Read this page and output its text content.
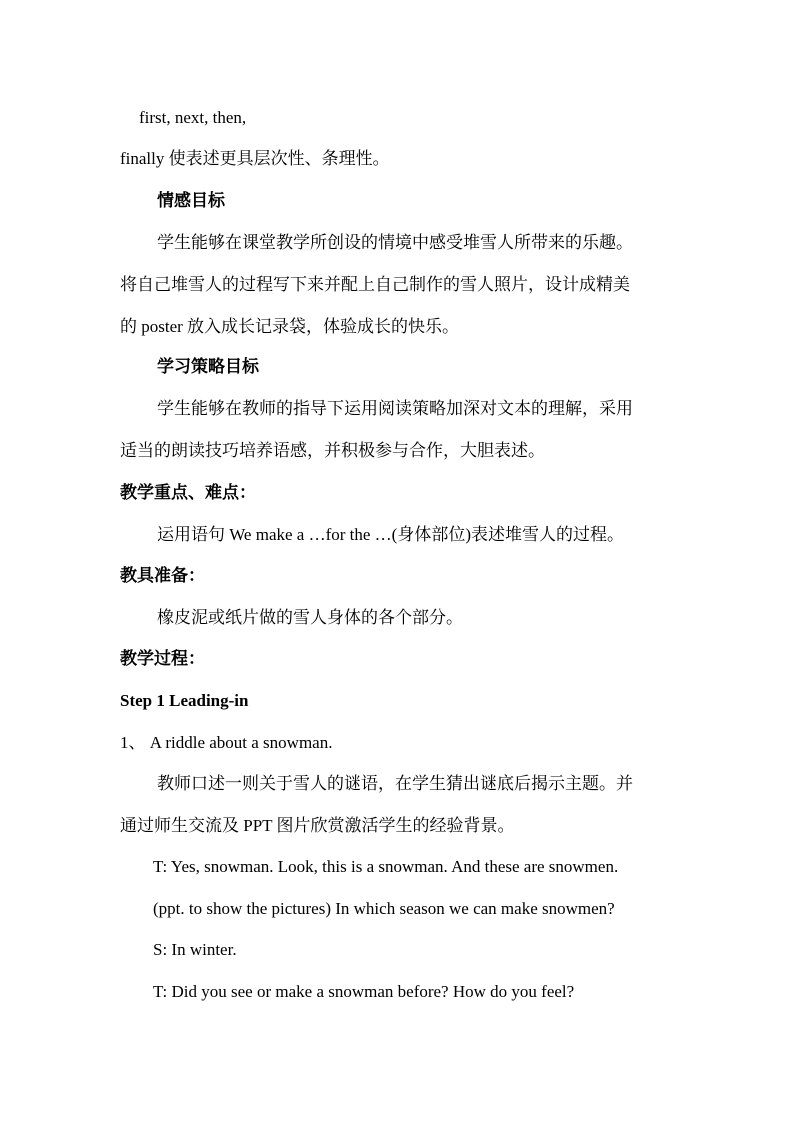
first, next, then,
finally 使表述更具层次性、条理性。
情感目标
学生能够在课堂教学所创设的情境中感受堆雪人所带来的乐趣。
将自己堆雪人的过程写下来并配上自己制作的雪人照片，设计成精美
的 poster 放入成长记录袋，体验成长的快乐。
学习策略目标
学生能够在教师的指导下运用阅读策略加深对文本的理解，采用
适当的朗读技巧培养语感，并积极参与合作，大胆表述。
教学重点、难点：
运用语句 We make a …for the …(身体部位)表述堆雪人的过程。
教具准备：
橡皮泥或纸片做的雪人身体的各个部分。
教学过程：
Step 1 Leading-in
1、 A riddle about a snowman.
教师口述一则关于雪人的谜语，在学生猜出谜底后揭示主题。并
通过师生交流及 PPT 图片欣赏激活学生的经验背景。
T: Yes, snowman. Look, this is a snowman. And these are snowmen.
(ppt. to show the pictures) In which season we can make snowmen?
S: In winter.
T: Did you see or make a snowman before? How do you feel?
